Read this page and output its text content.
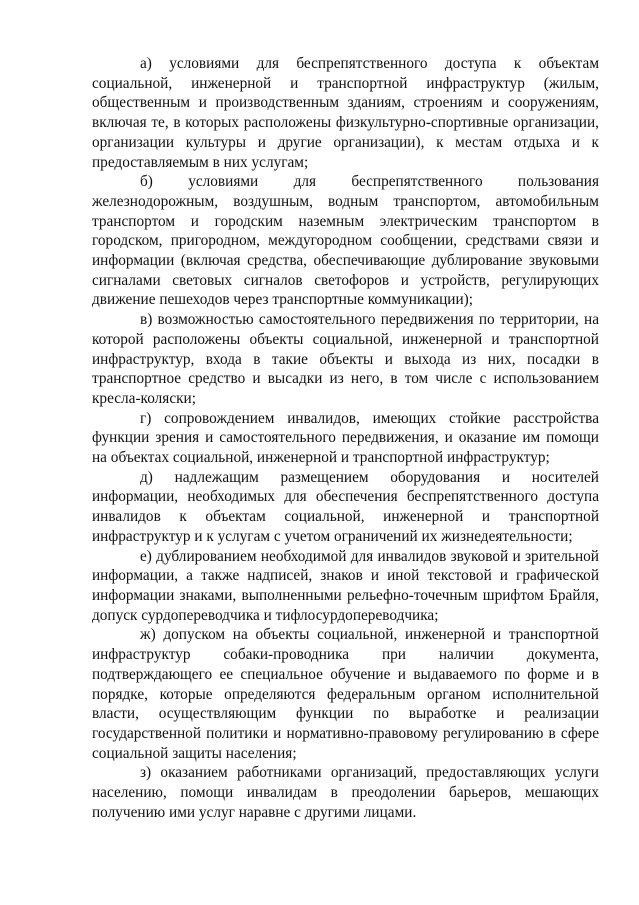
а) условиями для беспрепятственного доступа к объектам социальной, инженерной и транспортной инфраструктур (жилым, общественным и производственным зданиям, строениям и сооружениям, включая те, в которых расположены физкультурно-спортивные организации, организации культуры и другие организации), к местам отдыха и к предоставляемым в них услугам;

б) условиями для беспрепятственного пользования железнодорожным, воздушным, водным транспортом, автомобильным транспортом и городским наземным электрическим транспортом в городском, пригородном, междугородном сообщении, средствами связи и информации (включая средства, обеспечивающие дублирование звуковыми сигналами световых сигналов светофоров и устройств, регулирующих движение пешеходов через транспортные коммуникации);

в) возможностью самостоятельного передвижения по территории, на которой расположены объекты социальной, инженерной и транспортной инфраструктур, входа в такие объекты и выхода из них, посадки в транспортное средство и высадки из него, в том числе с использованием кресла-коляски;

г) сопровождением инвалидов, имеющих стойкие расстройства функции зрения и самостоятельного передвижения, и оказание им помощи на объектах социальной, инженерной и транспортной инфраструктур;

д) надлежащим размещением оборудования и носителей информации, необходимых для обеспечения беспрепятственного доступа инвалидов к объектам социальной, инженерной и транспортной инфраструктур и к услугам с учетом ограничений их жизнедеятельности;

е) дублированием необходимой для инвалидов звуковой и зрительной информации, а также надписей, знаков и иной текстовой и графической информации знаками, выполненными рельефно-точечным шрифтом Брайля, допуск сурдопереводчика и тифлосурдопереводчика;

ж) допуском на объекты социальной, инженерной и транспортной инфраструктур собаки-проводника при наличии документа, подтверждающего ее специальное обучение и выдаваемого по форме и в порядке, которые определяются федеральным органом исполнительной власти, осуществляющим функции по выработке и реализации государственной политики и нормативно-правовому регулированию в сфере социальной защиты населения;

з) оказанием работниками организаций, предоставляющих услуги населению, помощи инвалидам в преодолении барьеров, мешающих получению ими услуг наравне с другими лицами.
